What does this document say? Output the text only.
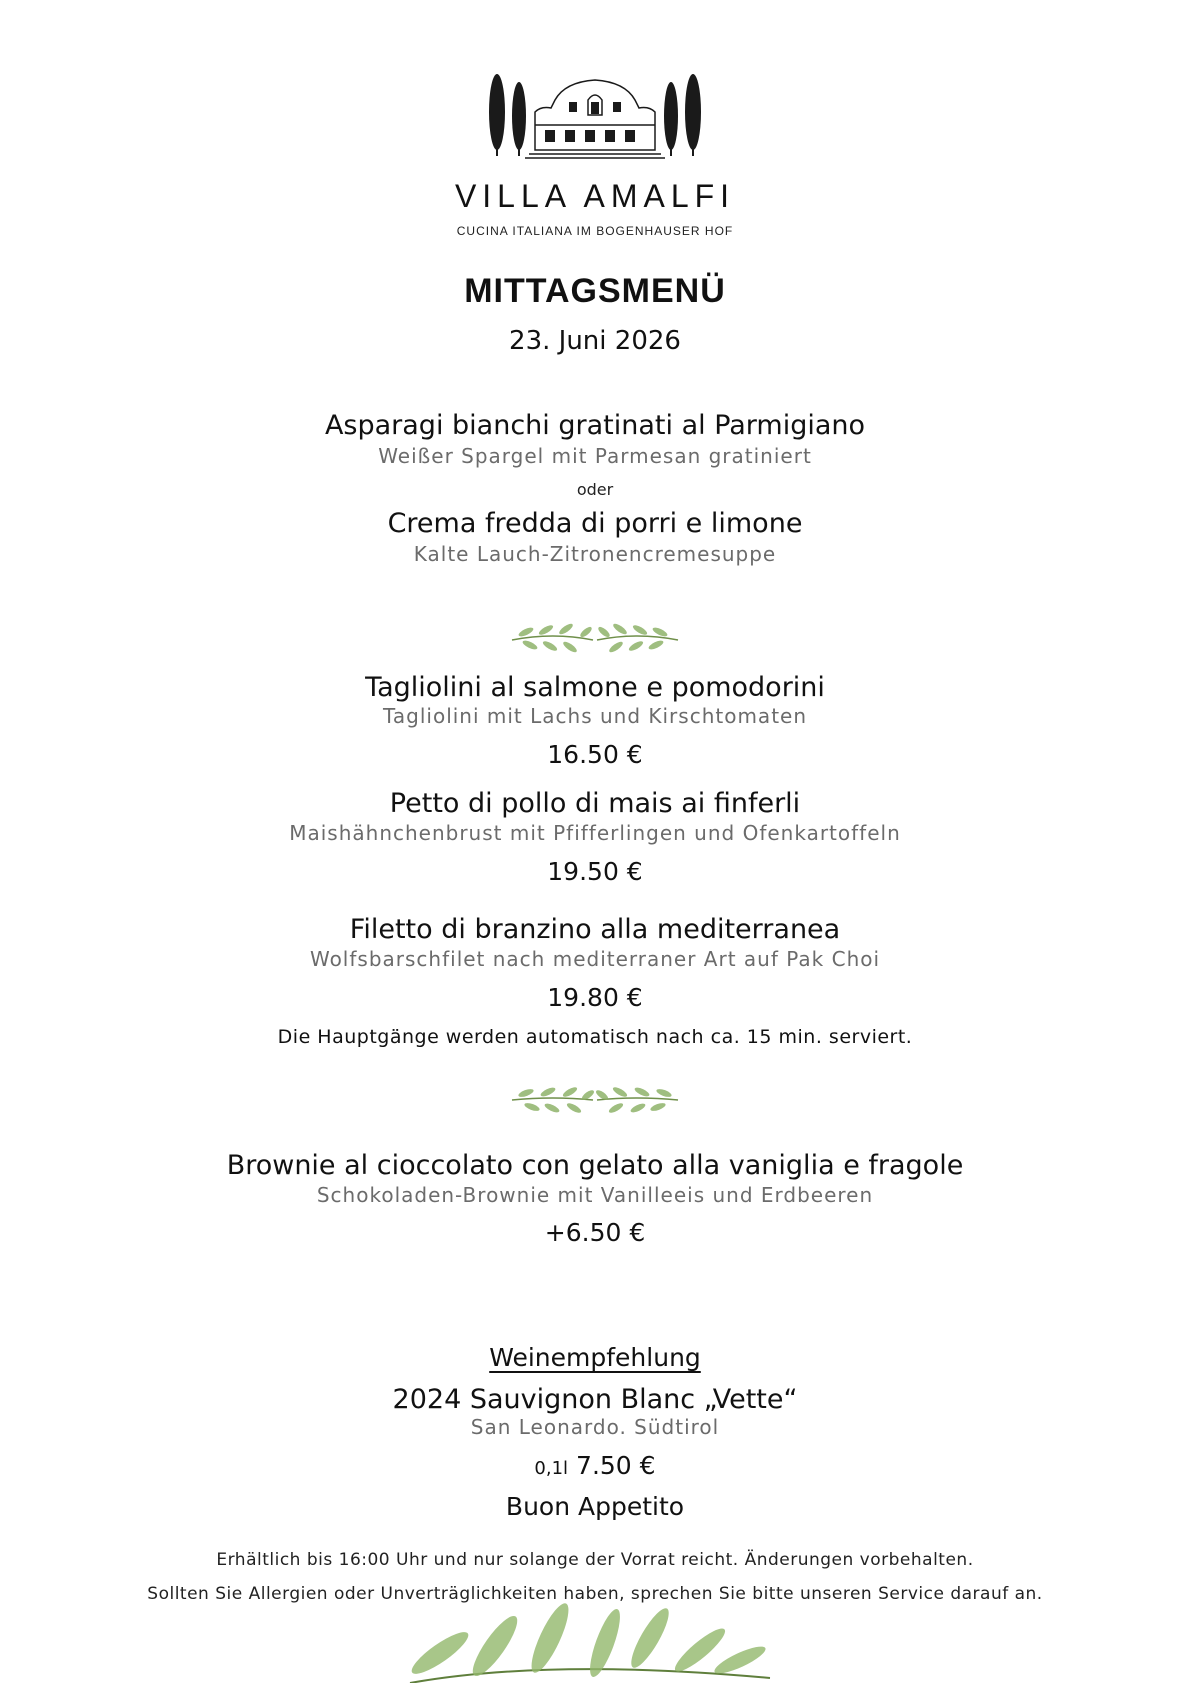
VILLA AMALFI
CUCINA ITALIANA IM BOGENHAUSER HOF
MITTAGSMENÜ
23. Juni 2026
Asparagi bianchi gratinati al Parmigiano
Weißer Spargel mit Parmesan gratiniert
oder
Crema fredda di porri e limone
Kalte Lauch-Zitronencremesuppe
Tagliolini al salmone e pomodorini
Tagliolini mit Lachs und Kirschtomaten
16.50 €
Petto di pollo di mais ai finferli
Maishähnchenbrust mit Pfifferlingen und Ofenkartoffeln
19.50 €
Filetto di branzino alla mediterranea
Wolfsbarschfilet nach mediterraner Art auf Pak Choi
19.80 €
Die Hauptgänge werden automatisch nach ca. 15 min. serviert.
Brownie al cioccolato con gelato alla vaniglia e fragole
Schokoladen-Brownie mit Vanilleeis und Erdbeeren
+6.50 €
Weinempfehlung
2024 Sauvignon Blanc „Vette“
San Leonardo. Südtirol
0,1l 7.50 €
Buon Appetito
Erhältlich bis 16:00 Uhr und nur solange der Vorrat reicht. Änderungen vorbehalten.
Sollten Sie Allergien oder Unverträglichkeiten haben, sprechen Sie bitte unseren Service darauf an.
